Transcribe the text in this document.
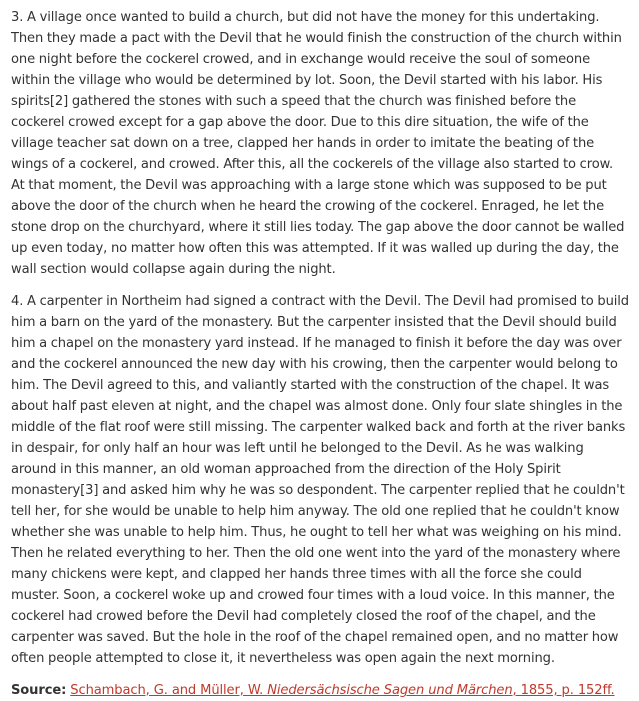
3. A village once wanted to build a church, but did not have the money for this undertaking. Then they made a pact with the Devil that he would finish the construction of the church within one night before the cockerel crowed, and in exchange would receive the soul of someone within the village who would be determined by lot. Soon, the Devil started with his labor. His spirits[2] gathered the stones with such a speed that the church was finished before the cockerel crowed except for a gap above the door. Due to this dire situation, the wife of the village teacher sat down on a tree, clapped her hands in order to imitate the beating of the wings of a cockerel, and crowed. After this, all the cockerels of the village also started to crow. At that moment, the Devil was approaching with a large stone which was supposed to be put above the door of the church when he heard the crowing of the cockerel. Enraged, he let the stone drop on the churchyard, where it still lies today. The gap above the door cannot be walled up even today, no matter how often this was attempted. If it was walled up during the day, the wall section would collapse again during the night.

4. A carpenter in Northeim had signed a contract with the Devil. The Devil had promised to build him a barn on the yard of the monastery. But the carpenter insisted that the Devil should build him a chapel on the monastery yard instead. If he managed to finish it before the day was over and the cockerel announced the new day with his crowing, then the carpenter would belong to him. The Devil agreed to this, and valiantly started with the construction of the chapel. It was about half past eleven at night, and the chapel was almost done. Only four slate shingles in the middle of the flat roof were still missing. The carpenter walked back and forth at the river banks in despair, for only half an hour was left until he belonged to the Devil. As he was walking around in this manner, an old woman approached from the direction of the Holy Spirit monastery[3] and asked him why he was so despondent. The carpenter replied that he couldn't tell her, for she would be unable to help him anyway. The old one replied that he couldn't know whether she was unable to help him. Thus, he ought to tell her what was weighing on his mind. Then he related everything to her. Then the old one went into the yard of the monastery where many chickens were kept, and clapped her hands three times with all the force she could muster. Soon, a cockerel woke up and crowed four times with a loud voice. In this manner, the cockerel had crowed before the Devil had completely closed the roof of the chapel, and the carpenter was saved. But the hole in the roof of the chapel remained open, and no matter how often people attempted to close it, it nevertheless was open again the next morning.

Source: Schambach, G. and Müller, W. Niedersächsische Sagen und Märchen, 1855, p. 152ff.
